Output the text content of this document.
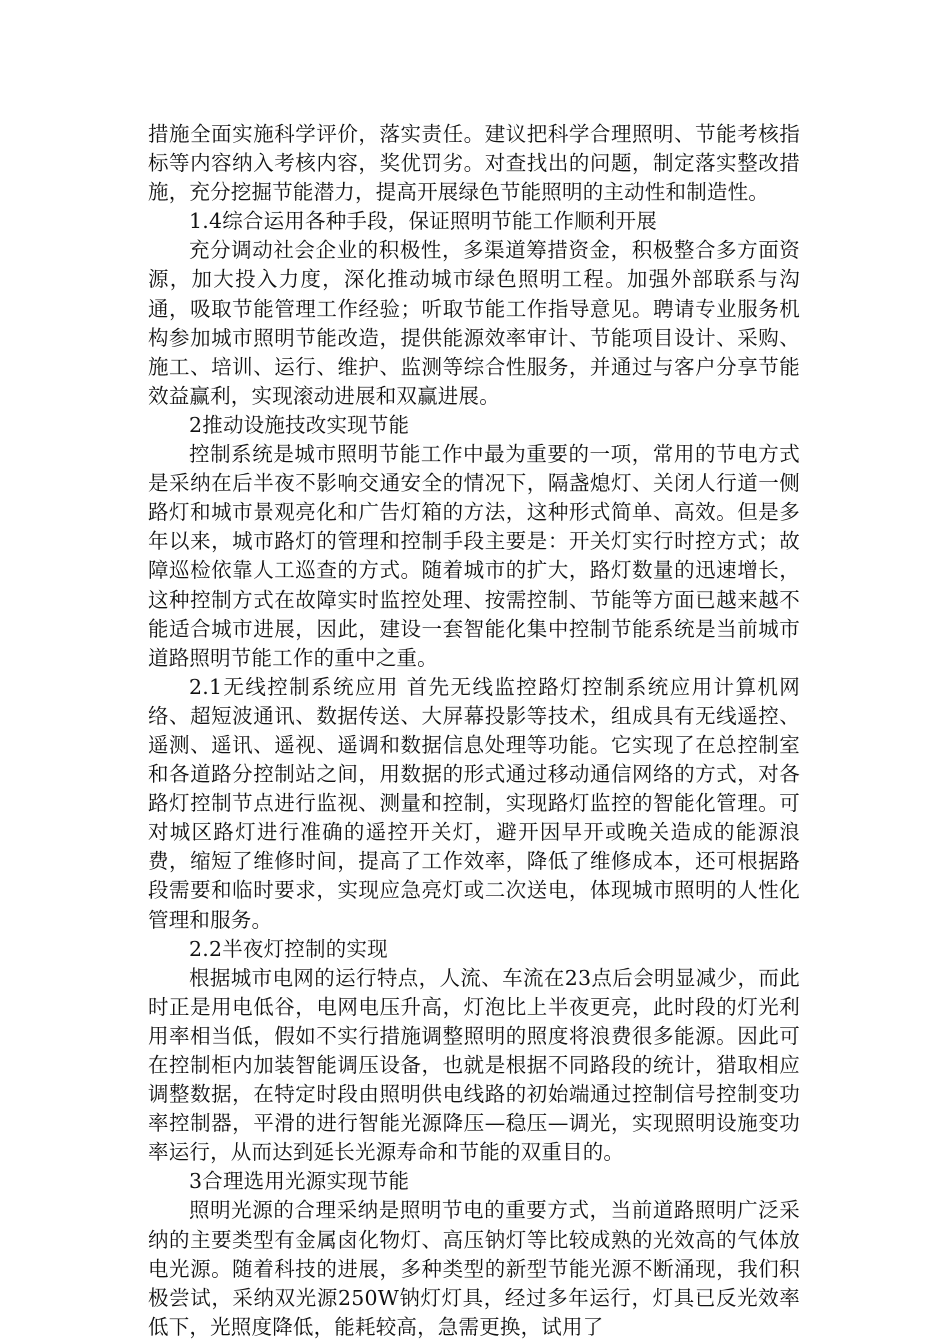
措施全面实施科学评价，落实责任。建议把科学合理照明、节能考核指标等内容纳入考核内容，奖优罚劣。对查找出的问题，制定落实整改措施，充分挖掘节能潜力，提高开展绿色节能照明的主动性和制造性。

1.4综合运用各种手段，保证照明节能工作顺利开展

充分调动社会企业的积极性，多渠道筹措资金，积极整合多方面资源，加大投入力度，深化推动城市绿色照明工程。加强外部联系与沟通，吸取节能管理工作经验；听取节能工作指导意见。聘请专业服务机构参加城市照明节能改造，提供能源效率审计、节能项目设计、采购、施工、培训、运行、维护、监测等综合性服务，并通过与客户分享节能效益赢利，实现滚动进展和双赢进展。

2推动设施技改实现节能

控制系统是城市照明节能工作中最为重要的一项，常用的节电方式是采纳在后半夜不影响交通安全的情况下，隔盏熄灯、关闭人行道一侧路灯和城市景观亮化和广告灯箱的方法，这种形式简单、高效。但是多年以来，城市路灯的管理和控制手段主要是：开关灯实行时控方式；故障巡检依靠人工巡查的方式。随着城市的扩大，路灯数量的迅速增长，这种控制方式在故障实时监控处理、按需控制、节能等方面已越来越不能适合城市进展，因此，建设一套智能化集中控制节能系统是当前城市道路照明节能工作的重中之重。

2.1无线控制系统应用 首先无线监控路灯控制系统应用计算机网络、超短波通讯、数据传送、大屏幕投影等技术，组成具有无线遥控、遥测、遥讯、遥视、遥调和数据信息处理等功能。它实现了在总控制室和各道路分控制站之间，用数据的形式通过移动通信网络的方式，对各路灯控制节点进行监视、测量和控制，实现路灯监控的智能化管理。可对城区路灯进行准确的遥控开关灯，避开因早开或晚关造成的能源浪费，缩短了维修时间，提高了工作效率，降低了维修成本，还可根据路段需要和临时要求，实现应急亮灯或二次送电，体现城市照明的人性化管理和服务。

2.2半夜灯控制的实现

根据城市电网的运行特点，人流、车流在23点后会明显减少，而此时正是用电低谷，电网电压升高，灯泡比上半夜更亮，此时段的灯光利用率相当低，假如不实行措施调整照明的照度将浪费很多能源。因此可在控制柜内加装智能调压设备，也就是根据不同路段的统计，猎取相应调整数据，在特定时段由照明供电线路的初始端通过控制信号控制变功率控制器，平滑的进行智能光源降压—稳压—调光，实现照明设施变功率运行，从而达到延长光源寿命和节能的双重目的。

3合理选用光源实现节能

照明光源的合理采纳是照明节电的重要方式，当前道路照明广泛采纳的主要类型有金属卤化物灯、高压钠灯等比较成熟的光效高的气体放电光源。随着科技的进展，多种类型的新型节能光源不断涌现，我们积极尝试，采纳双光源250W钠灯灯具，经过多年运行，灯具已反光效率低下，光照度降低，能耗较高，急需更换，试用了
